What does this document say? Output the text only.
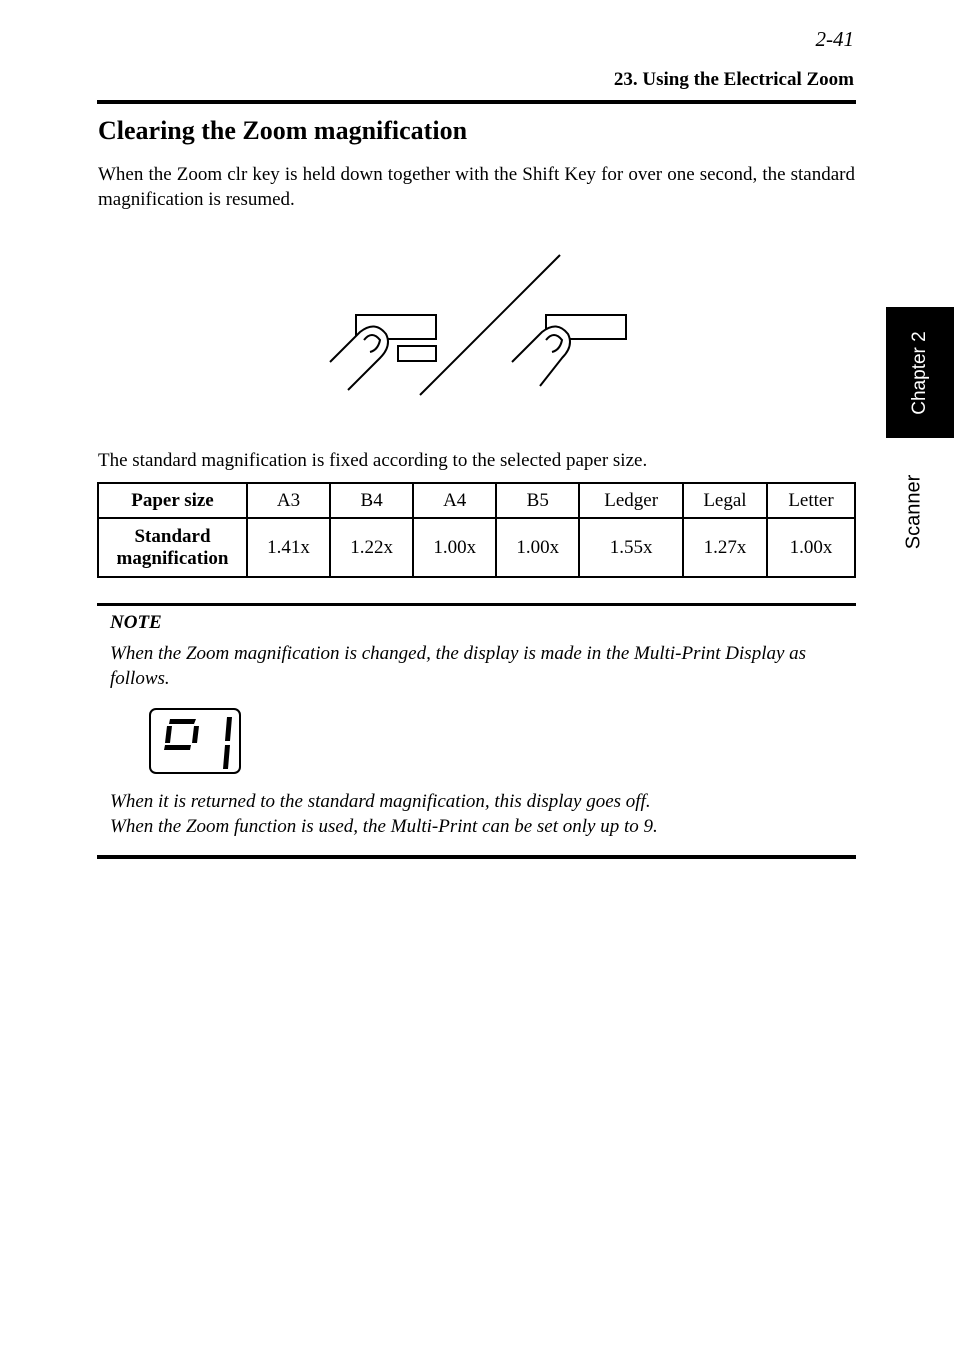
2-41
23. Using the Electrical Zoom
Clearing the Zoom magnification

When the Zoom clr key is held down together with the Shift Key for over one second, the standard magnification is resumed.

The standard magnification is fixed according to the selected paper size.

Paper size	A3	B4	A4	B5	Ledger	Legal	Letter
Standard magnification	1.41x	1.22x	1.00x	1.00x	1.55x	1.27x	1.00x
NOTE

When the Zoom magnification is changed, the display is made in the Multi-Print Display as follows.

When it is returned to the standard magnification, this display goes off.
When the Zoom function is used, the Multi-Print can be set only up to 9.
Chapter 2
Scanner
